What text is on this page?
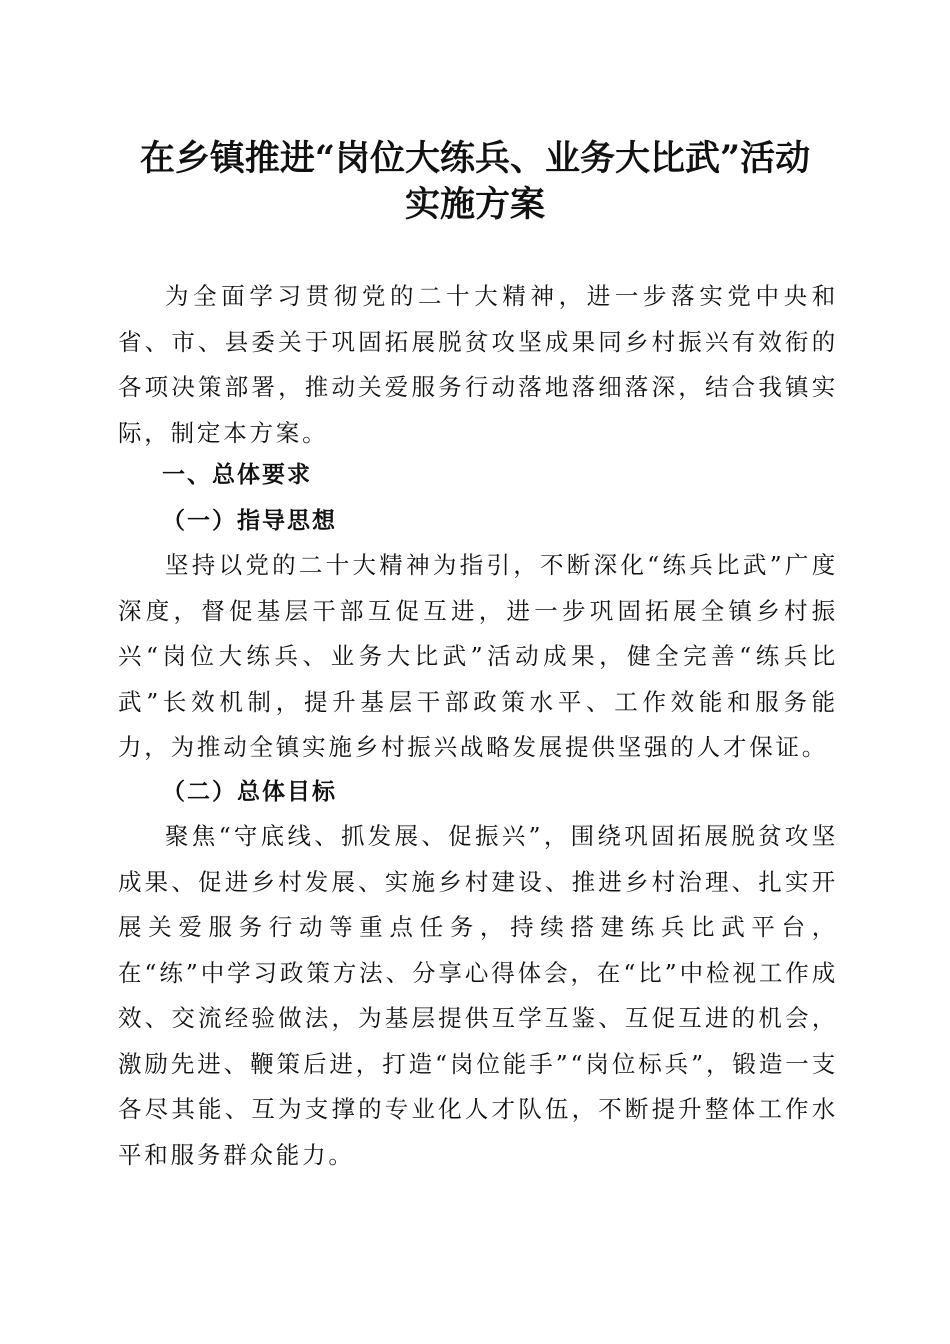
在乡镇推进“岗位大练兵、业务大比武”活动
实施方案

为全面学习贯彻党的二十大精神，进一步落实党中央和省、市、县委关于巩固拓展脱贫攻坚成果同乡村振兴有效衔的各项决策部署，推动关爱服务行动落地落细落深，结合我镇实际，制定本方案。

一、总体要求
（一）指导思想

坚持以党的二十大精神为指引，不断深化“练兵比武”广度深度，督促基层干部互促互进，进一步巩固拓展全镇乡村振兴“岗位大练兵、业务大比武”活动成果，健全完善“练兵比武”长效机制，提升基层干部政策水平、工作效能和服务能力，为推动全镇实施乡村振兴战略发展提供坚强的人才保证。

（二）总体目标

聚焦“守底线、抓发展、促振兴”，围绕巩固拓展脱贫攻坚成果、促进乡村发展、实施乡村建设、推进乡村治理、扎实开展关爱服务行动等重点任务，持续搭建练兵比武平台，在“练”中学习政策方法、分享心得体会，在“比”中检视工作成效、交流经验做法，为基层提供互学互鉴、互促互进的机会，激励先进、鞭策后进，打造“岗位能手”“岗位标兵”，锻造一支各尽其能、互为支撑的专业化人才队伍，不断提升整体工作水平和服务群众能力。
